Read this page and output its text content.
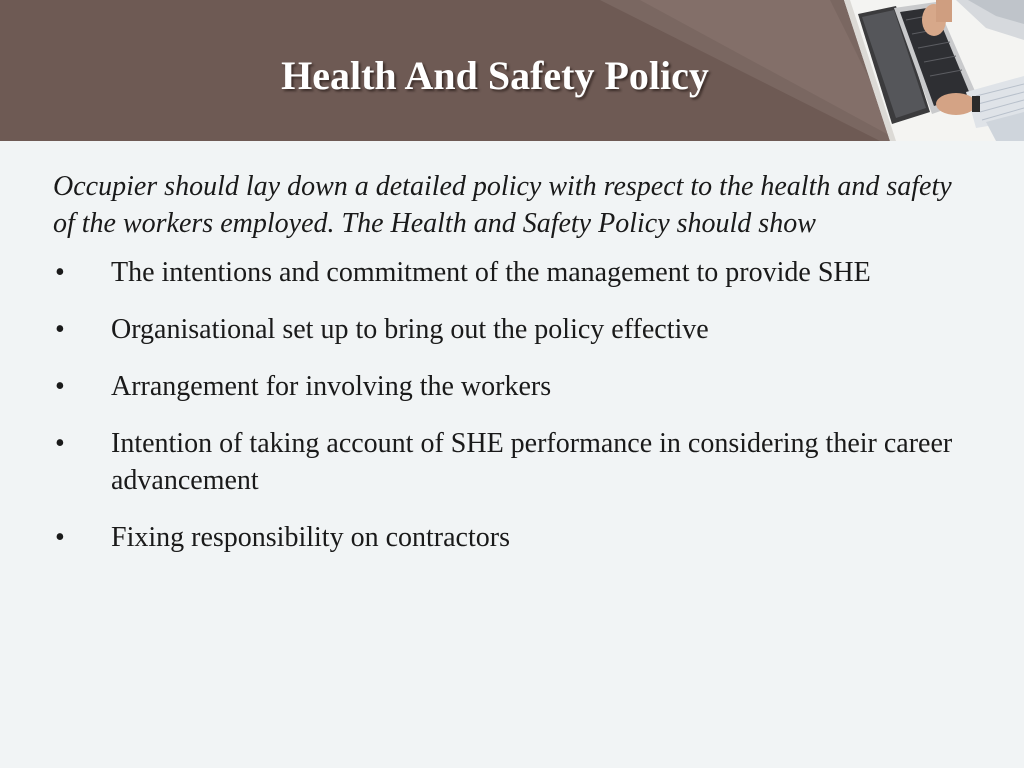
Health And Safety Policy

Occupier should lay down a detailed policy with respect to the health and safety of the workers employed. The Health and Safety Policy should show

•	The intentions and commitment of the management to provide SHE
•	Organisational set up to bring out the policy effective
•	Arrangement for involving the workers
•	Intention of taking account of SHE performance in considering their career advancement
•	Fixing responsibility on contractors
